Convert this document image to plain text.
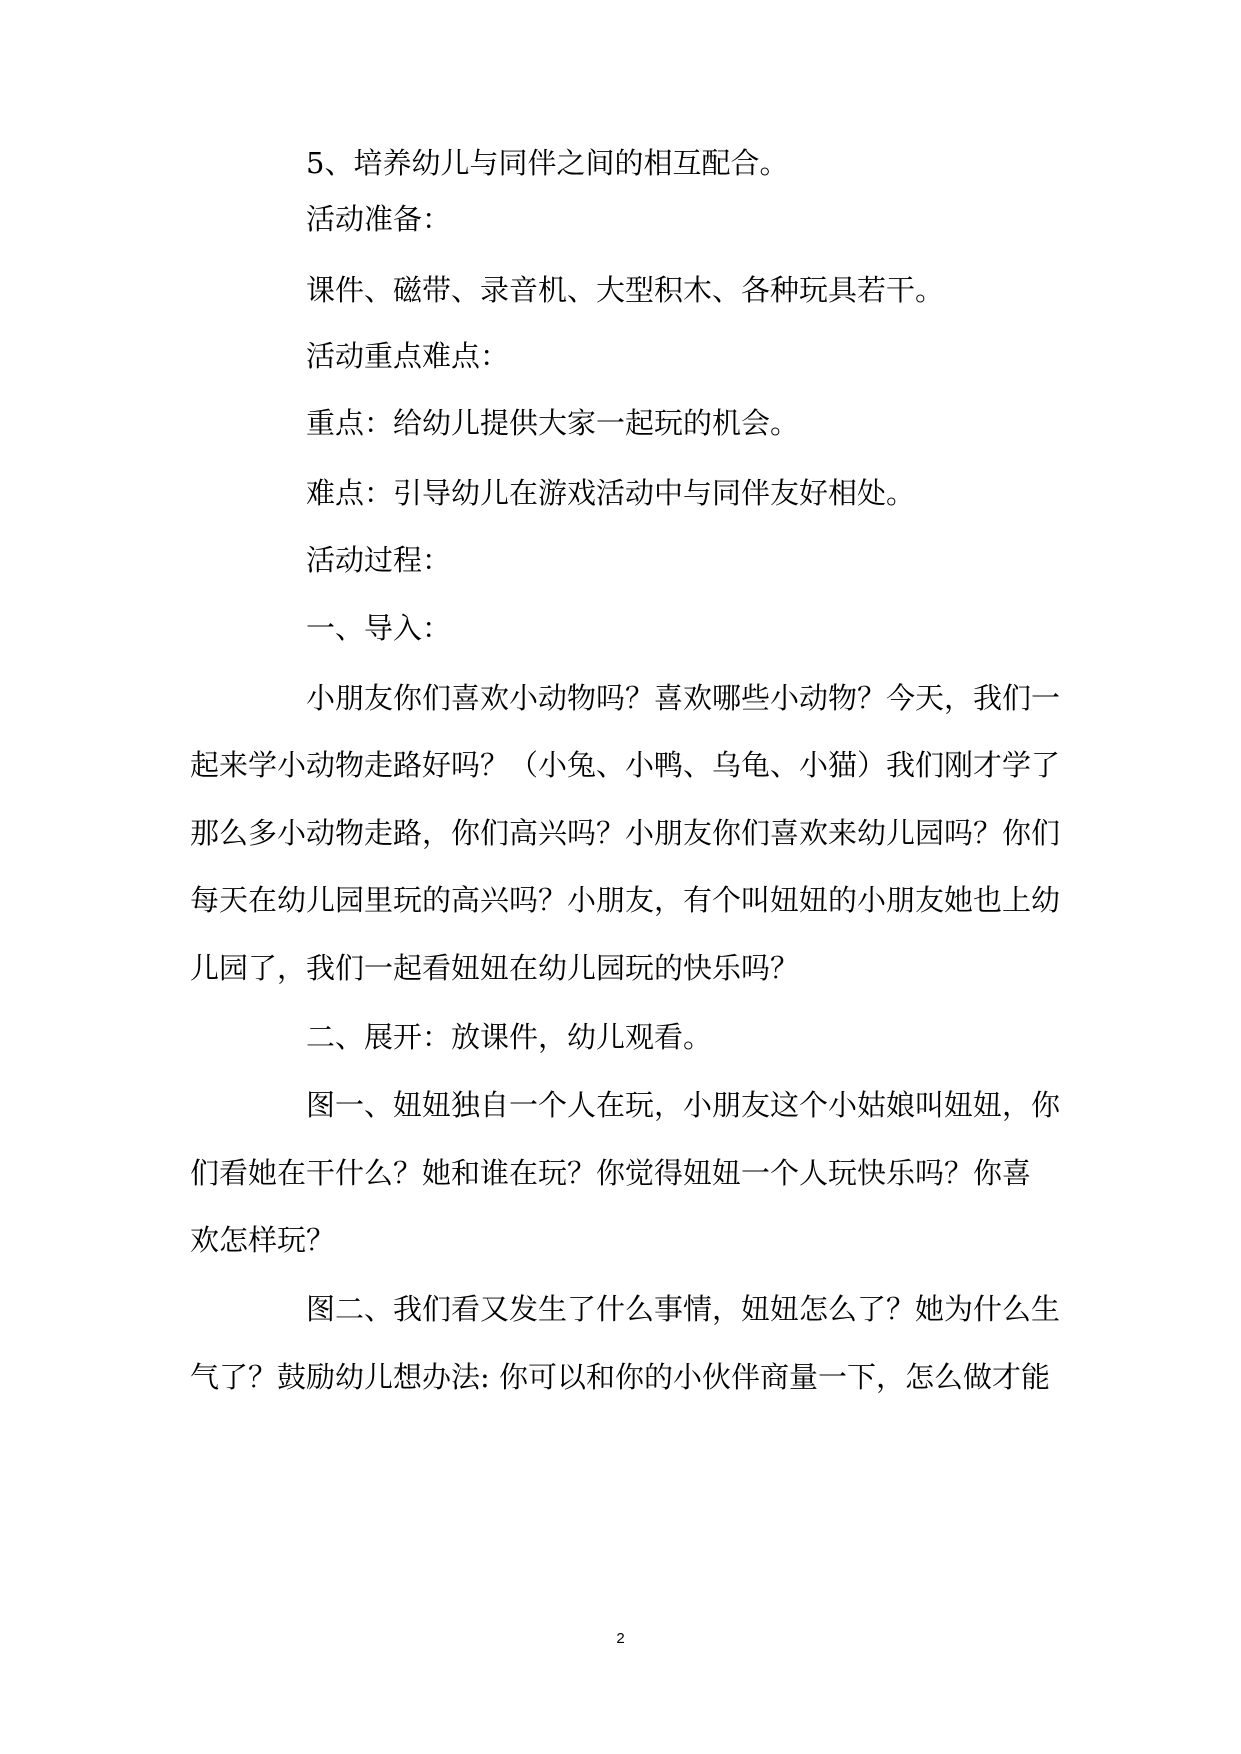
5、培养幼儿与同伴之间的相互配合。
活动准备：
课件、磁带、录音机、大型积木、各种玩具若干。
活动重点难点：
重点：给幼儿提供大家一起玩的机会。
难点：引导幼儿在游戏活动中与同伴友好相处。
活动过程：
一、导入：
小朋友你们喜欢小动物吗？喜欢哪些小动物？今天，我们一
起来学小动物走路好吗？（小兔、小鸭、乌龟、小猫）我们刚才学了
那么多小动物走路，你们高兴吗？小朋友你们喜欢来幼儿园吗？你们
每天在幼儿园里玩的高兴吗？小朋友，有个叫妞妞的小朋友她也上幼
儿园了，我们一起看妞妞在幼儿园玩的快乐吗？
二、展开：放课件，幼儿观看。
图一、妞妞独自一个人在玩，小朋友这个小姑娘叫妞妞，你
们看她在干什么？她和谁在玩？你觉得妞妞一个人玩快乐吗？你喜
欢怎样玩？
图二、我们看又发生了什么事情，妞妞怎么了？她为什么生
气了？鼓励幼儿想办法: 你可以和你的小伙伴商量一下，怎么做才能
2
